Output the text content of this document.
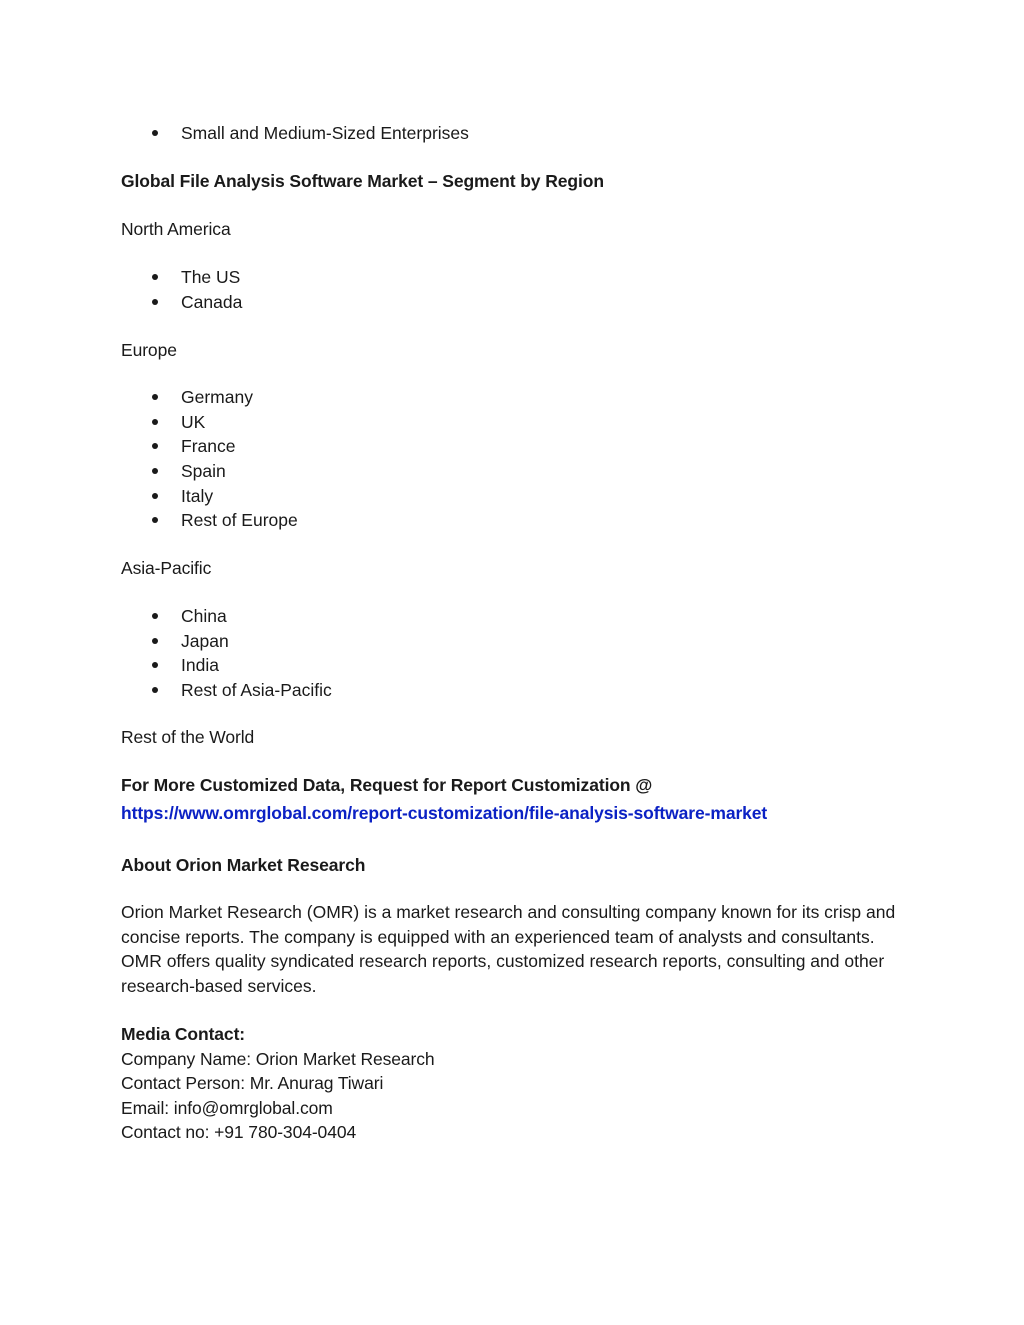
Small and Medium-Sized Enterprises
Global File Analysis Software Market – Segment by Region
North America
The US
Canada
Europe
Germany
UK
France
Spain
Italy
Rest of Europe
Asia-Pacific
China
Japan
India
Rest of Asia-Pacific
Rest of the World
For More Customized Data, Request for Report Customization @
https://www.omrglobal.com/report-customization/file-analysis-software-market
About Orion Market Research
Orion Market Research (OMR) is a market research and consulting company known for its crisp and concise reports. The company is equipped with an experienced team of analysts and consultants. OMR offers quality syndicated research reports, customized research reports, consulting and other research-based services.
Media Contact:
Company Name: Orion Market Research
Contact Person: Mr. Anurag Tiwari
Email: info@omrglobal.com
Contact no: +91 780-304-0404
